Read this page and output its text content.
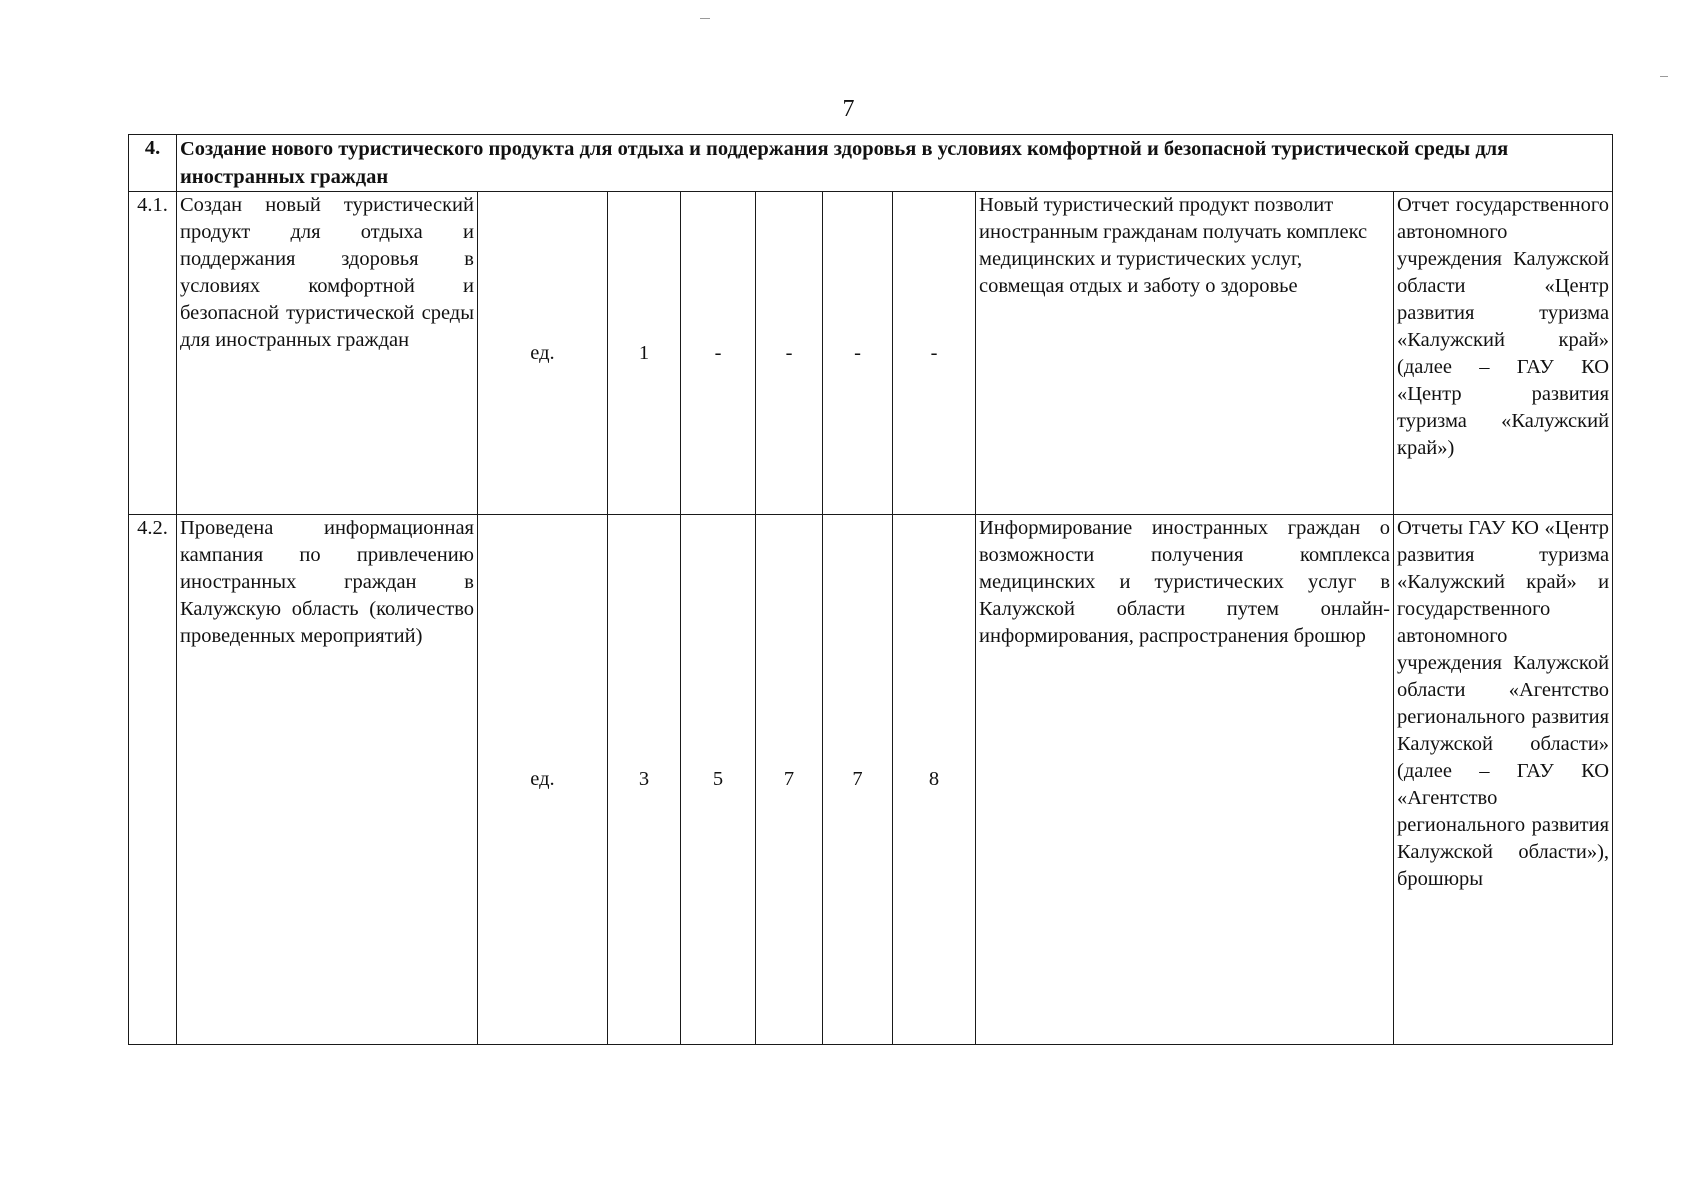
7
4.	Создание нового туристического продукта для отдыха и поддержания здоровья в условиях комфортной и безопасной туристической среды для иностранных граждан								
4.1.	Создан новый туристический продукт для отдыха и поддержания здоровья в условиях комфортной и безопасной туристической среды для иностранных граждан	ед.	1	-	-	-	-	Новый туристический продукт позволит иностранным гражданам получать комплекс медицинских и туристических услуг, совмещая отдых и заботу о здоровье	Отчет государственного автономного учреждения Калужской области «Центр развития туризма «Калужский край» (далее – ГАУ КО «Центр развития туризма «Калужский край»)
4.2.	Проведена информационная кампания по привлечению иностранных граждан в Калужскую область (количество проведенных мероприятий)	ед.	3	5	7	7	8	Информирование иностранных граждан о возможности получения комплекса медицинских и туристических услуг в Калужской области путем онлайн-информирования, распространения брошюр	Отчеты ГАУ КО «Центр развития туризма «Калужский край» и государственного автономного учреждения Калужской области «Агентство регионального развития Калужской области» (далее – ГАУ КО «Агентство регионального развития Калужской области»), брошюры
